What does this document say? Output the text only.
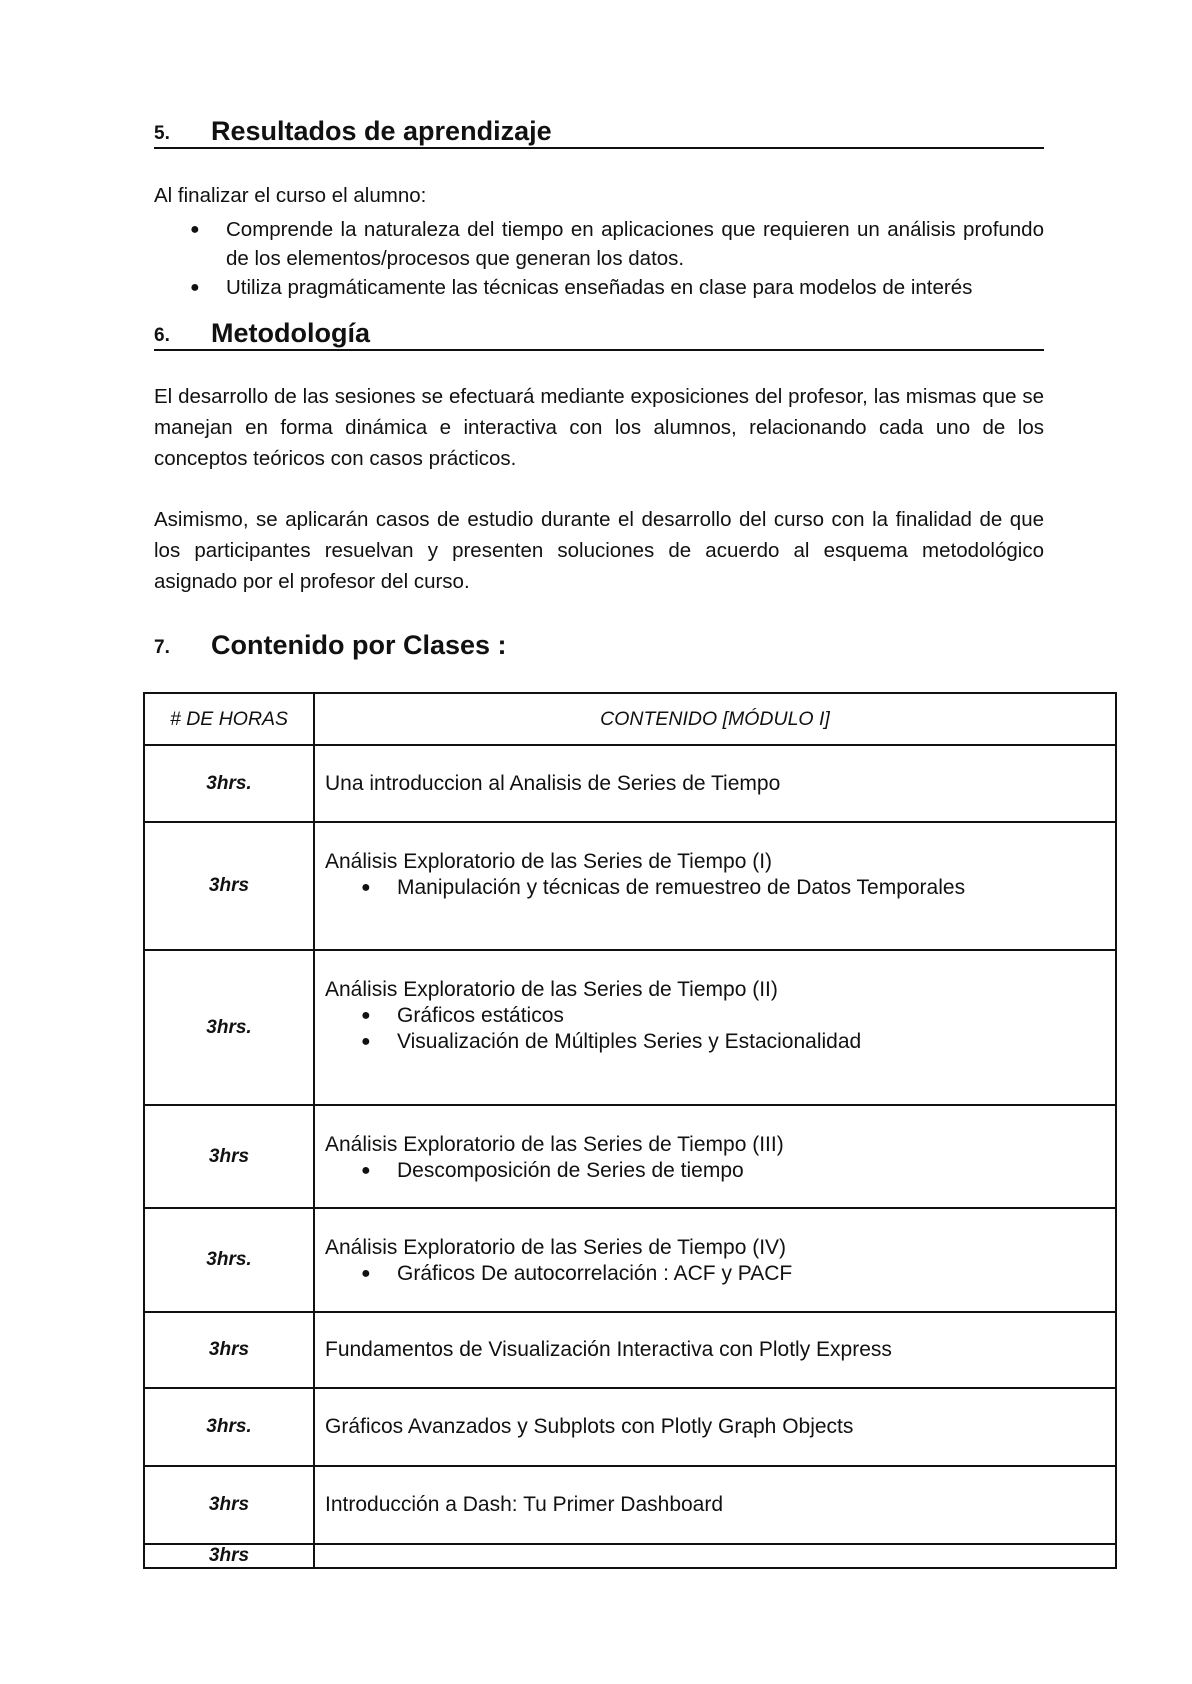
5. Resultados de aprendizaje

Al finalizar el curso el alumno:

● Comprende la naturaleza del tiempo en aplicaciones que requieren un análisis profundo de los elementos/procesos que generan los datos.
● Utiliza pragmáticamente las técnicas enseñadas en clase para modelos de interés
6. Metodología

El desarrollo de las sesiones se efectuará mediante exposiciones del profesor, las mismas que se manejan en forma dinámica e interactiva con los alumnos, relacionando cada uno de los conceptos teóricos con casos prácticos.

Asimismo, se aplicarán casos de estudio durante el desarrollo del curso con la finalidad de que los participantes resuelvan y presenten soluciones de acuerdo al esquema metodológico asignado por el profesor del curso.

7. Contenido por Clases :
# DE HORAS	CONTENIDO [MÓDULO I]
3hrs.	Una introduccion al Analisis de Series de Tiempo

3hrs	Análisis Exploratorio de las Series de Tiempo (I)
● Manipulación y técnicas de remuestreo de Datos Temporales

3hrs.	Análisis Exploratorio de las Series de Tiempo (II)
● Gráficos estáticos
● Visualización de Múltiples Series y Estacionalidad

3hrs	Análisis Exploratorio de las Series de Tiempo (III)
● Descomposición de Series de tiempo

3hrs.	Análisis Exploratorio de las Series de Tiempo (IV)
● Gráficos De autocorrelación : ACF y PACF

3hrs	Fundamentos de Visualización Interactiva con Plotly Express

3hrs.	Gráficos Avanzados y Subplots con Plotly Graph Objects

3hrs	Introducción a Dash: Tu Primer Dashboard

3hrs	
